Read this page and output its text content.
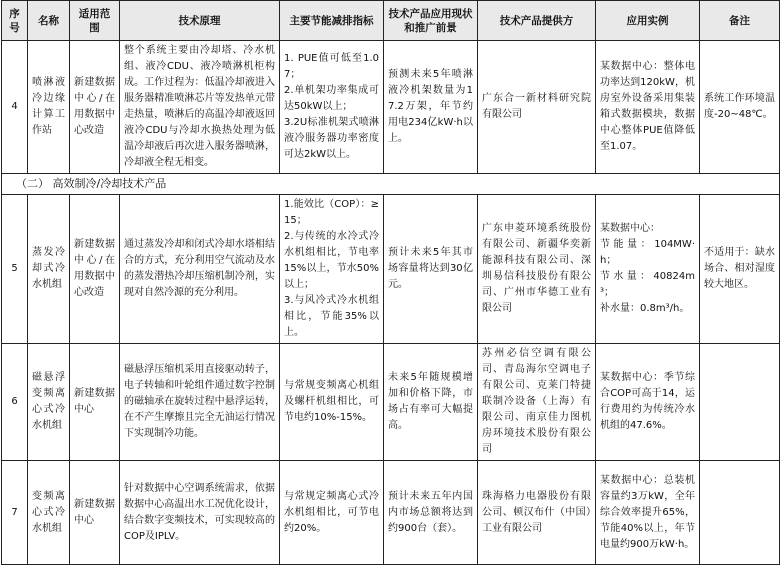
序号	名称	适用范围	技术原理	主要节能减排指标	技术产品应用现状和推广前景	技术产品提供方	应用实例	备注
4	喷淋液冷边缘计算工作站	新建数据中心/在用数据中心改造	整个系统主要由冷却塔、冷水机组、液冷CDU、液冷喷淋机柜构成。工作过程为：低温冷却液进入服务器精准喷淋芯片等发热单元带走热量，喷淋后的高温冷却液返回液冷CDU与冷却水换热处理为低温冷却液后再次进入服务器喷淋，冷却液全程无相变。	1. PUE值可低至1.07；
2.单机架功率集成可达50kW以上；
3.2U标准机架式喷淋液冷服务器功率密度可达2kW以上。	预测未来5年喷淋液冷机架数量为17.2万架，年节约用电234亿kW·h以上。	广东合一新材料研究院有限公司	某数据中心：整体电功率达到120kW，机房室外设备采用集装箱式数据模块，数据中心整体PUE值降低至1.07。	系统工作环境温度-20~48℃。
（二） 高效制冷/冷却技术产品								
5	蒸发冷却式冷水机组	新建数据中心/在用数据中心改造	通过蒸发冷却和闭式冷却水塔相结合的方式，充分利用空气流动及水的蒸发潜热冷却压缩机制冷剂，实现对自然冷源的充分利用。	1.能效比（COP）：≥15；
2.与传统的水冷式冷水机组相比，节电率15%以上，节水50%以上；
3.与风冷式冷水机组相比，节能35%以上。	预计未来5年其市场容量将达到30亿元。	广东申菱环境系统股份有限公司、新疆华奕新能源科技有限公司、深圳易信科技股份有限公司、广州市华德工业有限公司	某数据中心：
节能量：104MW·h；
节水量：40824m³；
补水量：0.8m³/h。	不适用于：缺水场合、相对湿度较大地区。
6	磁悬浮变频离心式冷水机组	新建数据中心	磁悬浮压缩机采用直接驱动转子，电子转轴和叶轮组件通过数字控制的磁轴承在旋转过程中悬浮运转，在不产生摩擦且完全无油运行情况下实现制冷功能。	与常规变频离心机组及螺杆机组相比，可节电约10%-15%。	未来5年随规模增加和价格下降，市场占有率可大幅提高。	苏州必信空调有限公司、青岛海尔空调电子有限公司、克莱门特捷联制冷设备（上海）有限公司、南京佳力图机房环境技术股份有限公司	某数据中心：季节综合COP可高于14，运行费用约为传统冷水机组的47.6%。	
7	变频离心式冷水机组	新建数据中心	针对数据中心空调系统需求，依据数据中心高温出水工况优化设计，结合数字变频技术，可实现较高的COP及IPLV。	与常规定频离心式冷水机组相比，可节电约20%。	预计未来五年内国内市场总额将达到约900台（套）。	珠海格力电器股份有限公司、顿汉布什（中国）工业有限公司	某数据中心：总装机容量约3万kW，全年综合效率提升65%，节能40%以上，年节电量约900万kW·h。	
